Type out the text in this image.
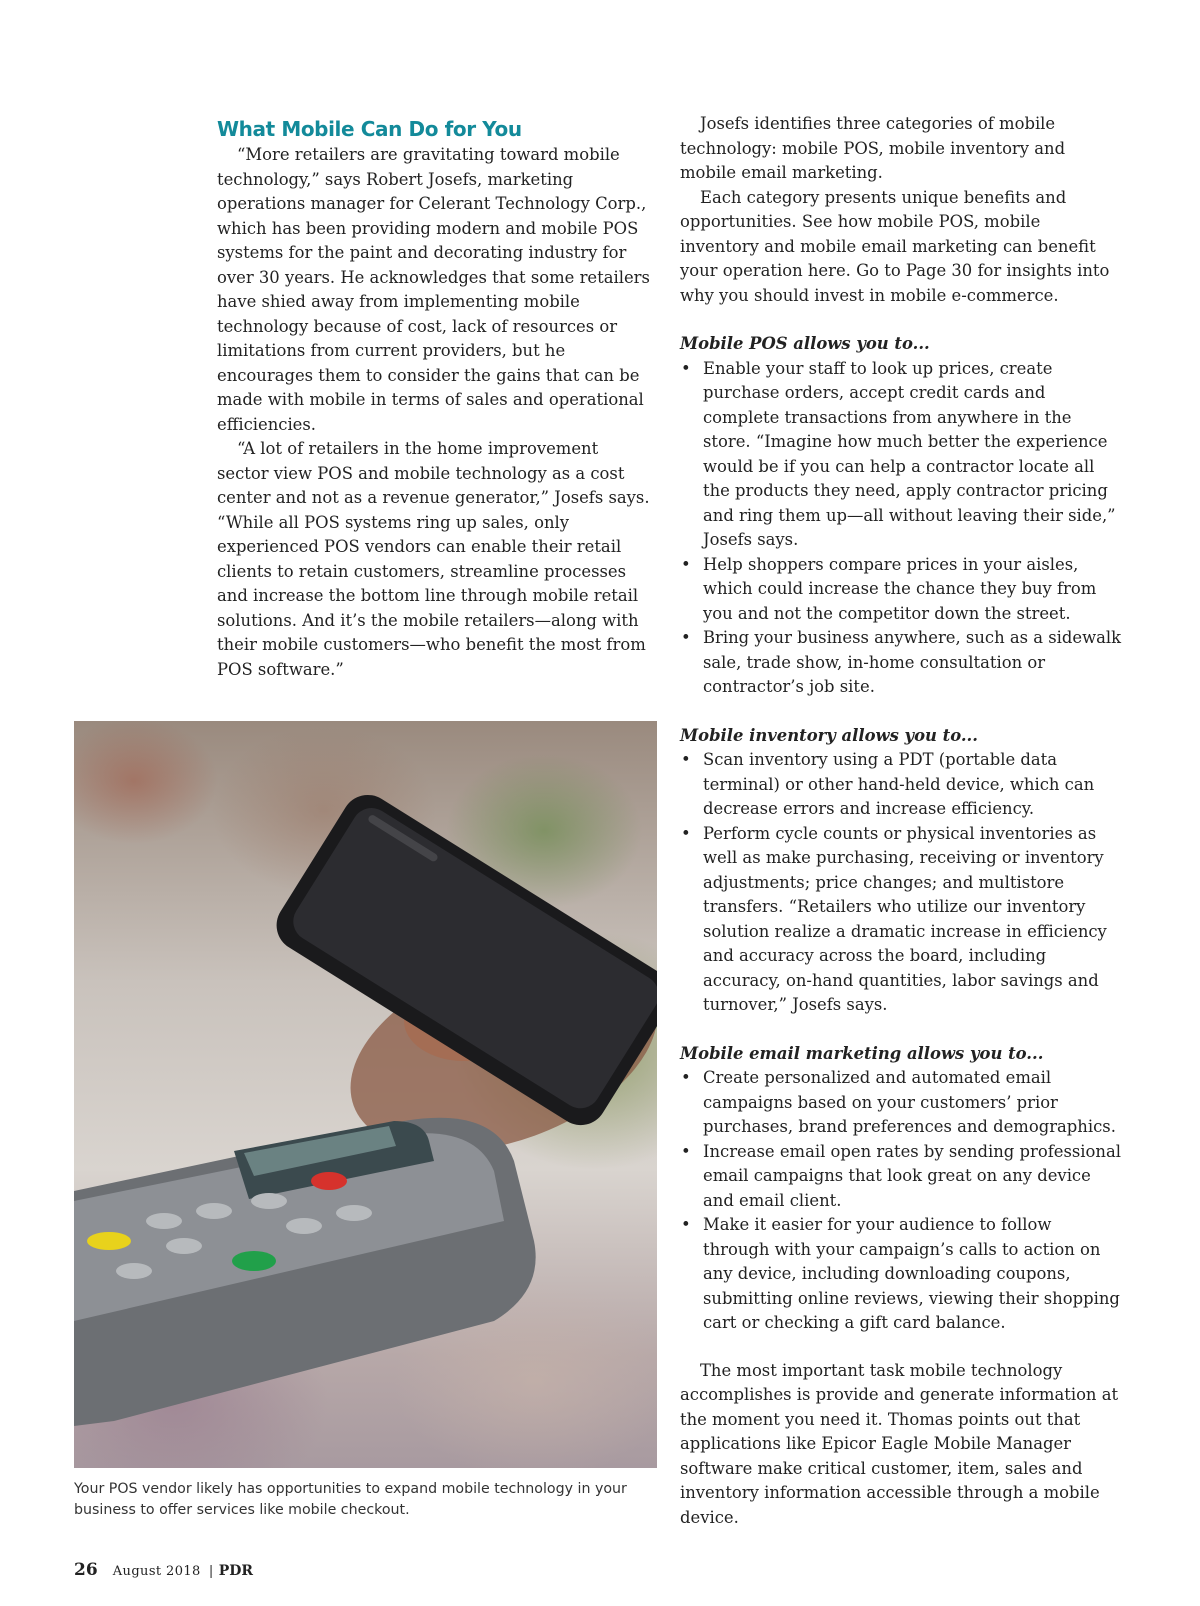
What Mobile Can Do for You

“More retailers are gravitating toward mobile technology,” says Robert Josefs, marketing operations manager for Celerant Technology Corp., which has been providing modern and mobile POS systems for the paint and decorating industry for over 30 years. He acknowledges that some retailers have shied away from implementing mobile technology because of cost, lack of resources or limitations from current providers, but he encourages them to consider the gains that can be made with mobile in terms of sales and operational efficiencies.

“A lot of retailers in the home improvement sector view POS and mobile technology as a cost center and not as a revenue generator,” Josefs says. “While all POS systems ring up sales, only experienced POS vendors can enable their retail clients to retain customers, streamline processes and increase the bottom line through mobile retail solutions. And it’s the mobile retailers—along with their mobile customers—who benefit the most from POS software.”

Josefs identifies three categories of mobile technology: mobile POS, mobile inventory and mobile email marketing.

Each category presents unique benefits and opportunities. See how mobile POS, mobile inventory and mobile email marketing can benefit your operation here. Go to Page 30 for insights into why you should invest in mobile e-commerce.

Mobile POS allows you to...
• Enable your staff to look up prices, create purchase orders, accept credit cards and complete transactions from anywhere in the store. “Imagine how much better the experience would be if you can help a contractor locate all the products they need, apply contractor pricing and ring them up—all without leaving their side,” Josefs says.
• Help shoppers compare prices in your aisles, which could increase the chance they buy from you and not the competitor down the street.
• Bring your business anywhere, such as a sidewalk sale, trade show, in-home consultation or contractor’s job site.
Mobile inventory allows you to...
• Scan inventory using a PDT (portable data terminal) or other hand-held device, which can decrease errors and increase efficiency.
• Perform cycle counts or physical inventories as well as make purchasing, receiving or inventory adjustments; price changes; and multistore transfers. “Retailers who utilize our inventory solution realize a dramatic increase in efficiency and accuracy across the board, including accuracy, on-hand quantities, labor savings and turnover,” Josefs says.
Mobile email marketing allows you to...
• Create personalized and automated email campaigns based on your customers’ prior purchases, brand preferences and demographics.
• Increase email open rates by sending professional email campaigns that look great on any device and email client.
• Make it easier for your audience to follow through with your campaign’s calls to action on any device, including downloading coupons, submitting online reviews, viewing their shopping cart or checking a gift card balance.

The most important task mobile technology accomplishes is provide and generate information at the moment you need it. Thomas points out that applications like Epicor Eagle Mobile Manager software make critical customer, item, sales and inventory information accessible through a mobile device.

Your POS vendor likely has opportunities to expand mobile technology in your business to offer services like mobile checkout.
26 August 2018 | PDR
